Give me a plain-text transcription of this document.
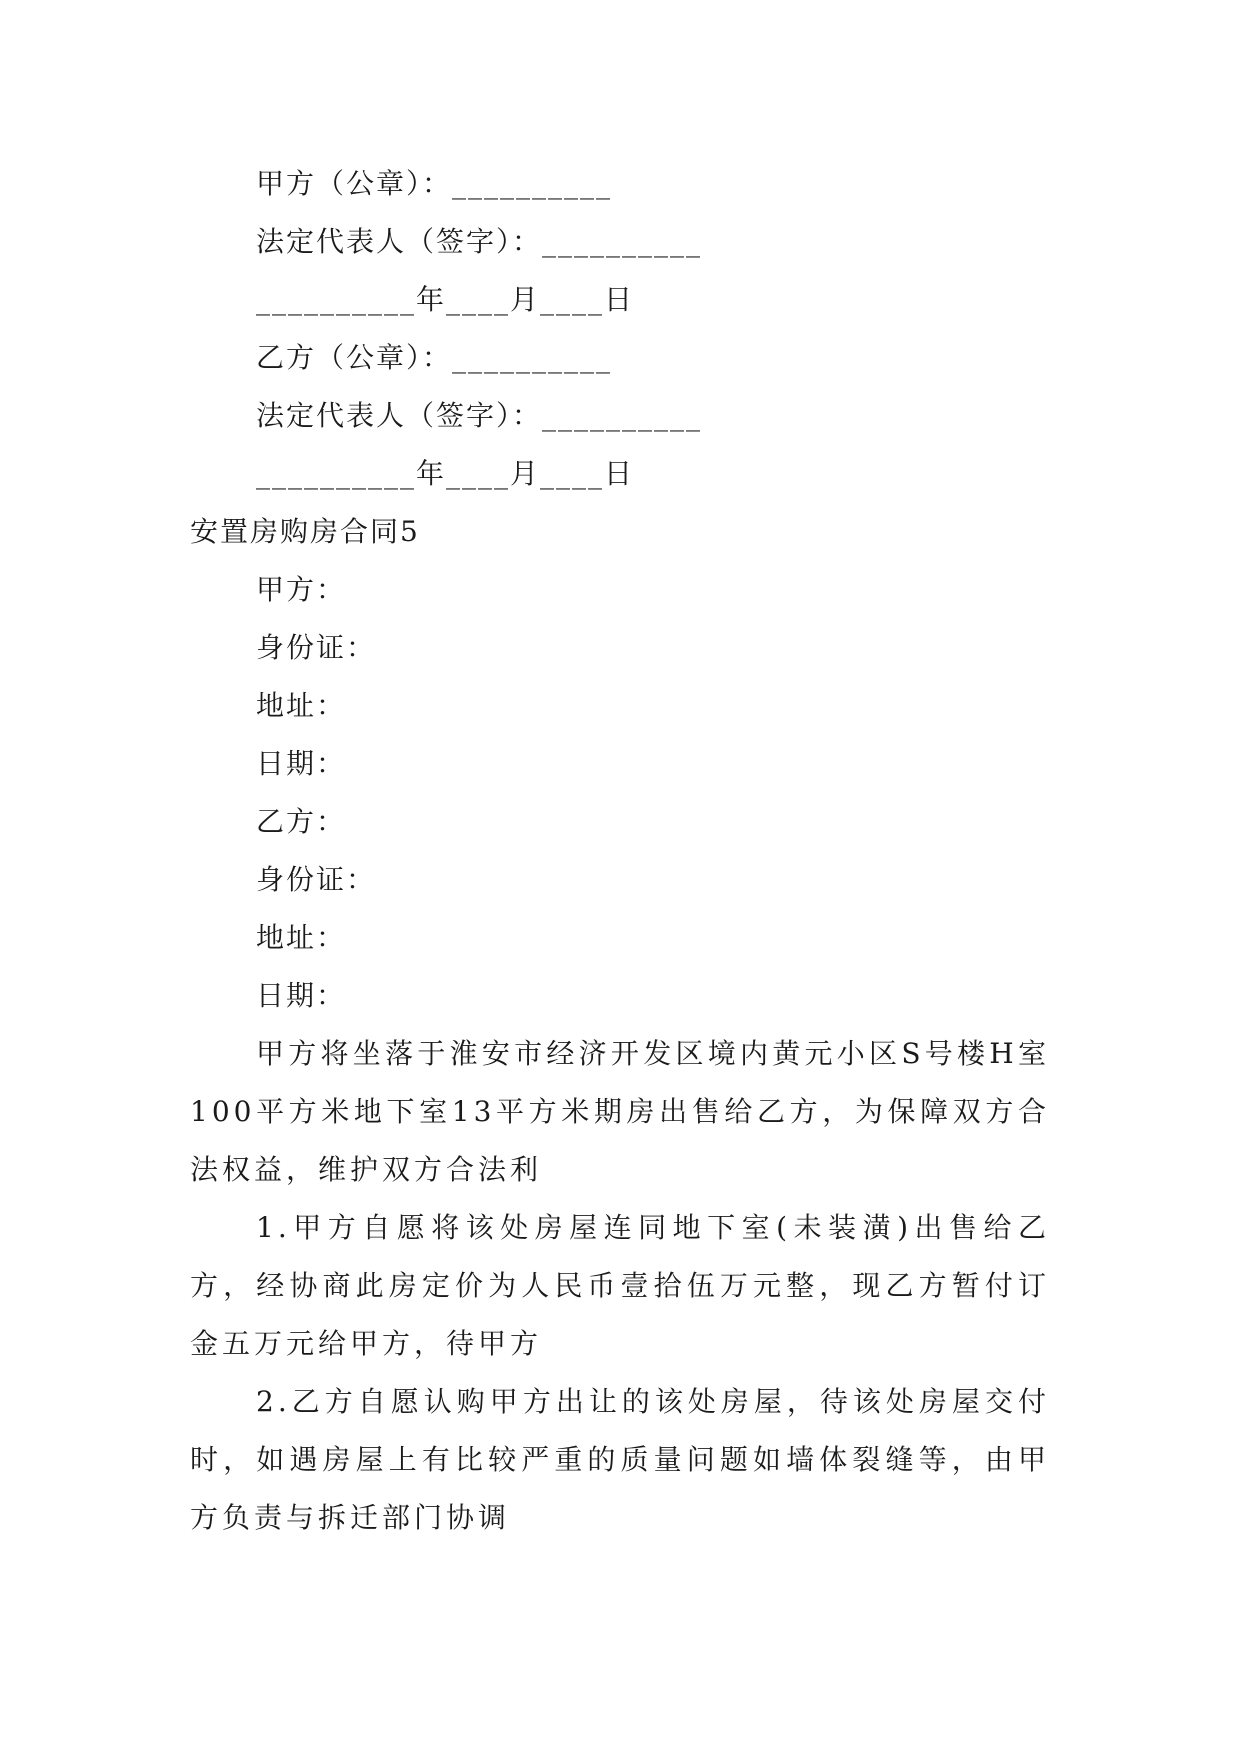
甲方（公章）：__________
法定代表人（签字）：__________
__________年____月____日
乙方（公章）：__________
法定代表人（签字）：__________
__________年____月____日
安置房购房合同5
甲方：
身份证：
地址：
日期：
乙方：
身份证：
地址：
日期：

甲方将坐落于淮安市经济开发区境内黄元小区S号楼H室100平方米地下室13平方米期房出售给乙方，为保障双方合法权益，维护双方合法利

1.甲方自愿将该处房屋连同地下室(未装潢)出售给乙方，经协商此房定价为人民币壹拾伍万元整，现乙方暂付订金五万元给甲方，待甲方

2.乙方自愿认购甲方出让的该处房屋，待该处房屋交付时，如遇房屋上有比较严重的质量问题如墙体裂缝等，由甲方负责与拆迁部门协调
